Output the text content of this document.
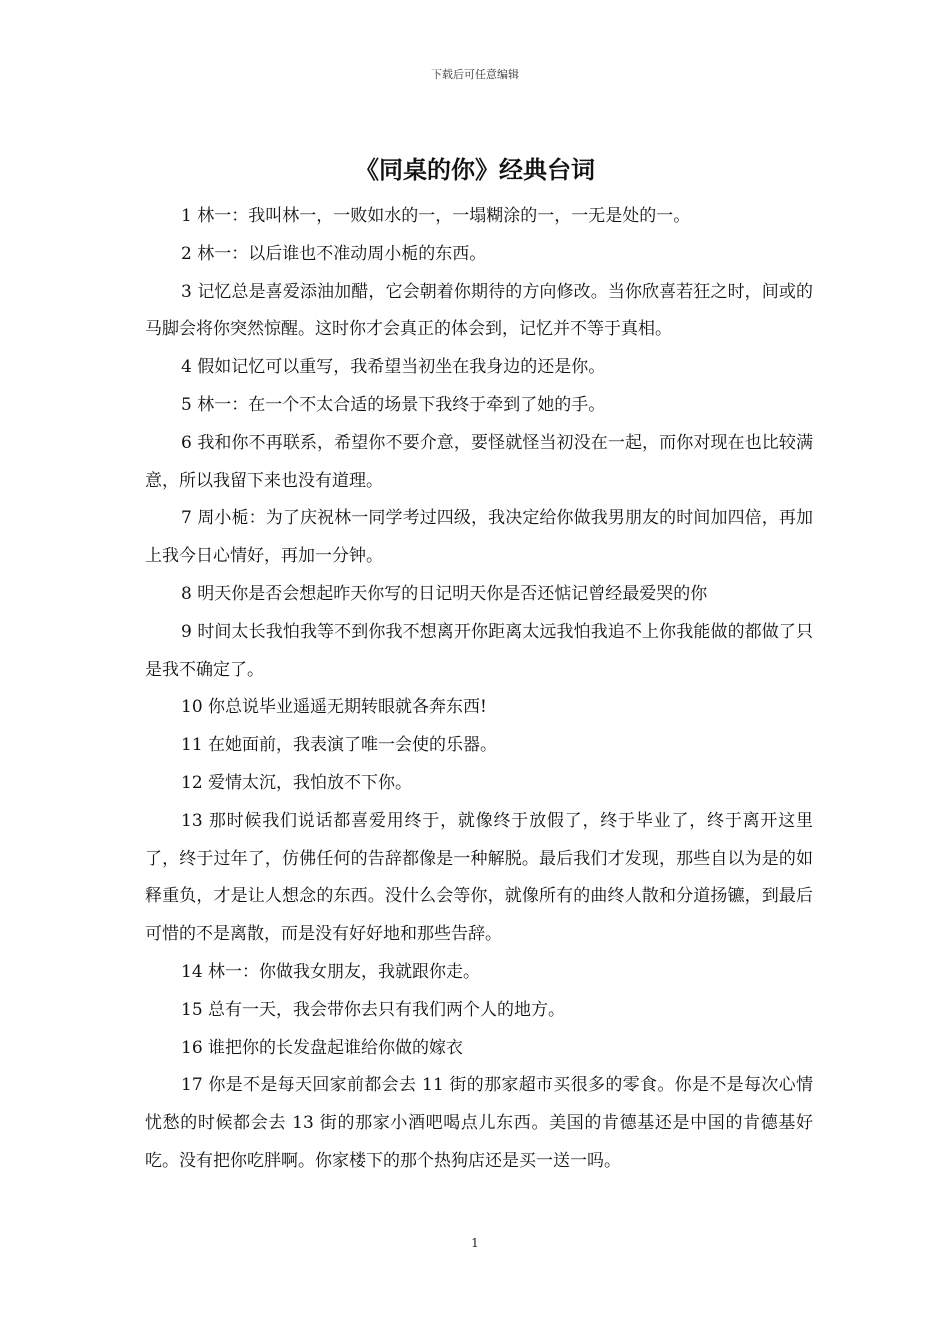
下载后可任意编辑
《同桌的你》经典台词
1 林一：我叫林一，一败如水的一，一塌糊涂的一，一无是处的一。
2 林一：以后谁也不准动周小栀的东西。
3 记忆总是喜爱添油加醋，它会朝着你期待的方向修改。当你欣喜若狂之时，间或的马脚会将你突然惊醒。这时你才会真正的体会到，记忆并不等于真相。
4 假如记忆可以重写，我希望当初坐在我身边的还是你。
5 林一：在一个不太合适的场景下我终于牵到了她的手。
6 我和你不再联系，希望你不要介意，要怪就怪当初没在一起，而你对现在也比较满意，所以我留下来也没有道理。
7 周小栀：为了庆祝林一同学考过四级，我决定给你做我男朋友的时间加四倍，再加上我今日心情好，再加一分钟。
8 明天你是否会想起昨天你写的日记明天你是否还惦记曾经最爱哭的你
9 时间太长我怕我等不到你我不想离开你距离太远我怕我追不上你我能做的都做了只是我不确定了。
10 你总说毕业遥遥无期转眼就各奔东西!
11 在她面前，我表演了唯一会使的乐器。
12 爱情太沉，我怕放不下你。
13 那时候我们说话都喜爱用终于，就像终于放假了，终于毕业了，终于离开这里了，终于过年了，仿佛任何的告辞都像是一种解脱。最后我们才发现，那些自以为是的如释重负，才是让人想念的东西。没什么会等你，就像所有的曲终人散和分道扬镳，到最后可惜的不是离散，而是没有好好地和那些告辞。
14 林一：你做我女朋友，我就跟你走。
15 总有一天，我会带你去只有我们两个人的地方。
16 谁把你的长发盘起谁给你做的嫁衣
17 你是不是每天回家前都会去 11 街的那家超市买很多的零食。你是不是每次心情忧愁的时候都会去 13 街的那家小酒吧喝点儿东西。美国的肯德基还是中国的肯德基好吃。没有把你吃胖啊。你家楼下的那个热狗店还是买一送一吗。
1
